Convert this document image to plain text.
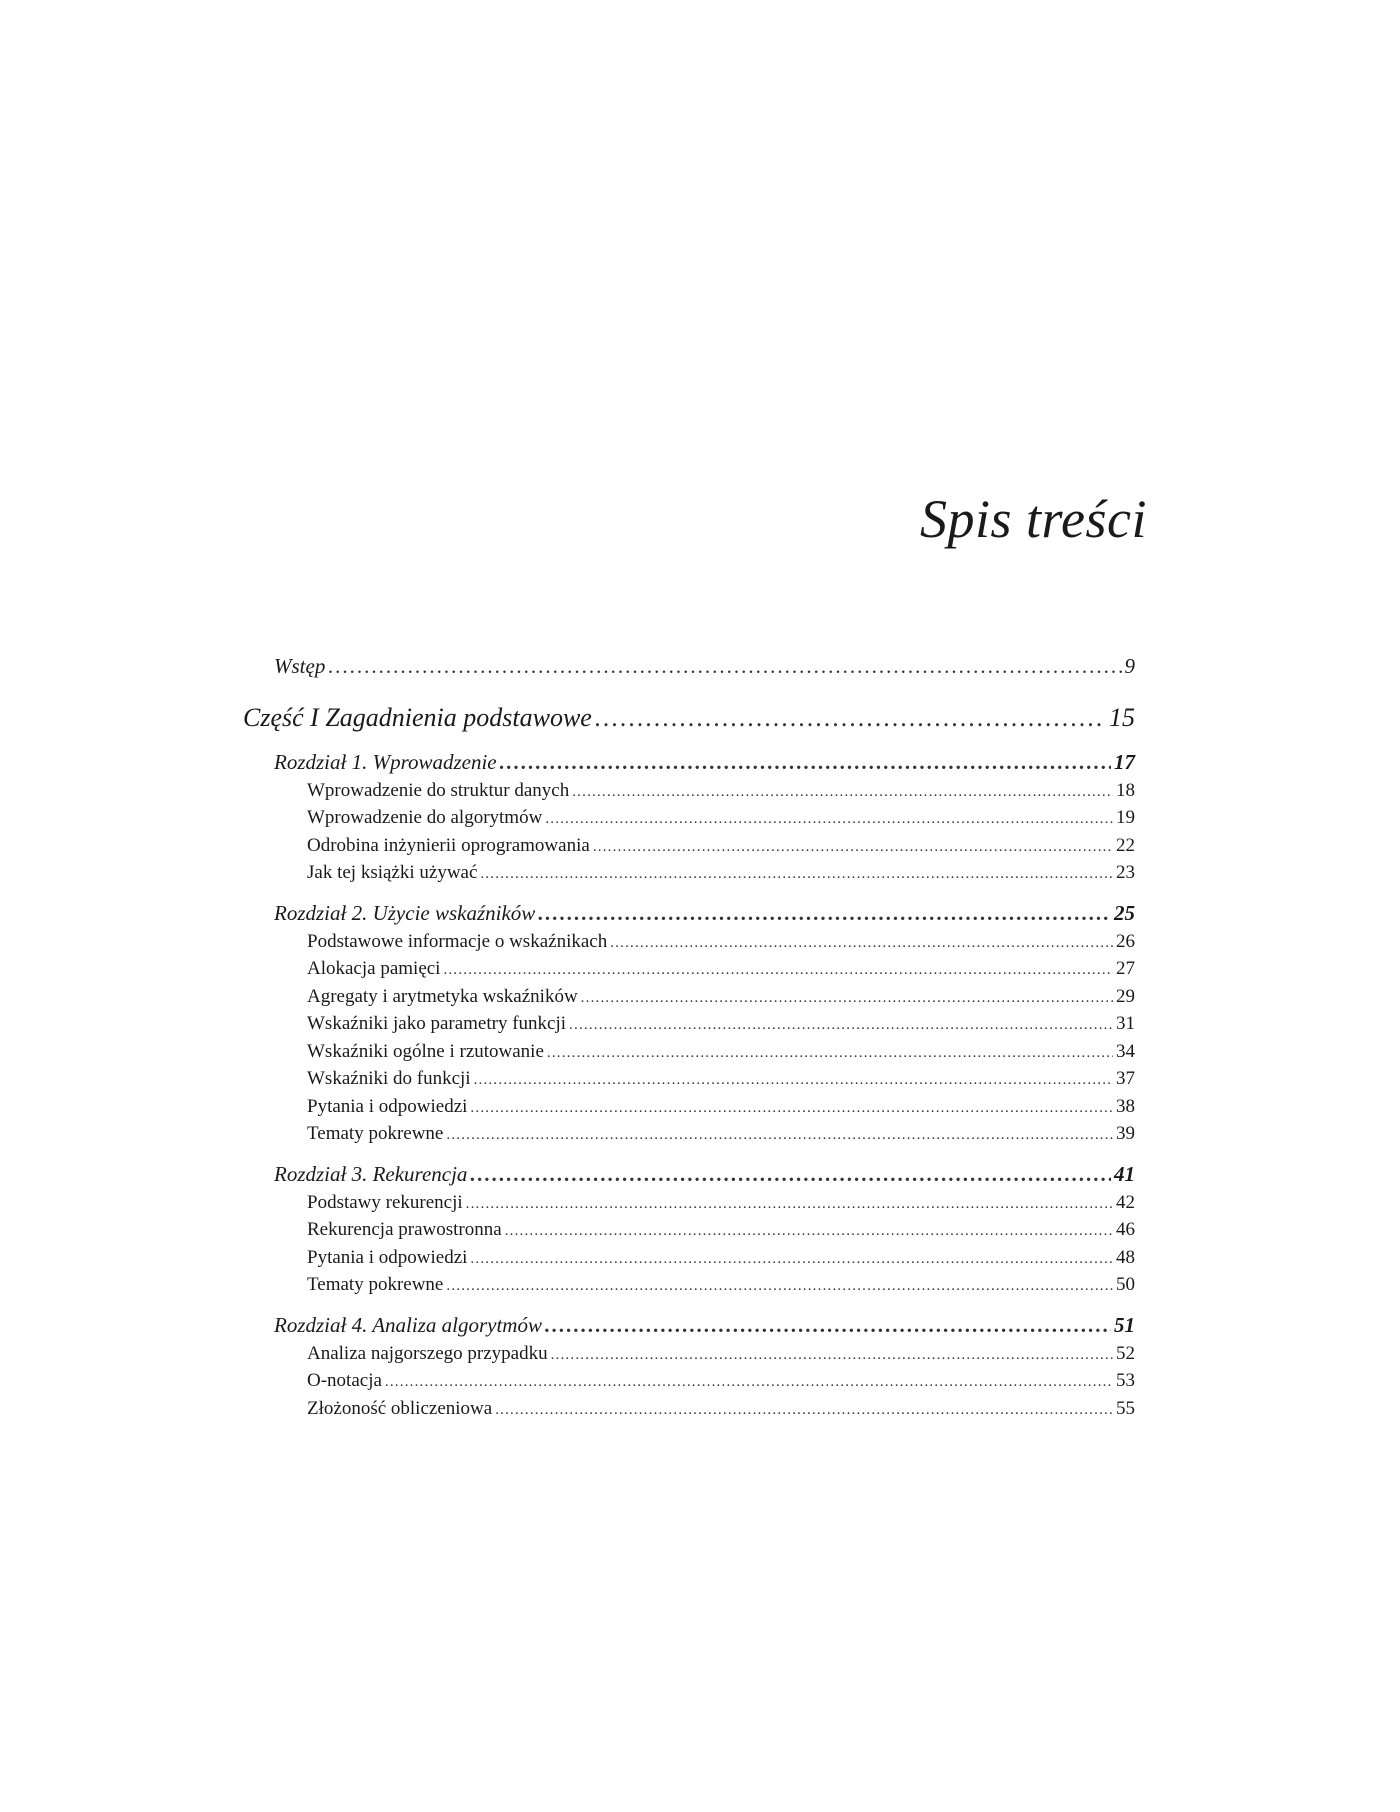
Spis treści
Wstęp .....	9
Część I Zagadnienia podstawowe .....	15
Rozdział 1. Wprowadzenie .....	17
Wprowadzenie do struktur danych .....	18
Wprowadzenie do algorytmów .....	19
Odrobina inżynierii oprogramowania .....	22
Jak tej książki używać .....	23
Rozdział 2. Użycie wskaźników .....	25
Podstawowe informacje o wskaźnikach .....	26
Alokacja pamięci .....	27
Agregaty i arytmetyka wskaźników .....	29
Wskaźniki jako parametry funkcji .....	31
Wskaźniki ogólne i rzutowanie .....	34
Wskaźniki do funkcji .....	37
Pytania i odpowiedzi .....	38
Tematy pokrewne .....	39
Rozdział 3. Rekurencja .....	41
Podstawy rekurencji .....	42
Rekurencja prawostronna .....	46
Pytania i odpowiedzi .....	48
Tematy pokrewne .....	50
Rozdział 4. Analiza algorytmów .....	51
Analiza najgorszego przypadku .....	52
O-notacja .....	53
Złożoność obliczeniowa .....	55
